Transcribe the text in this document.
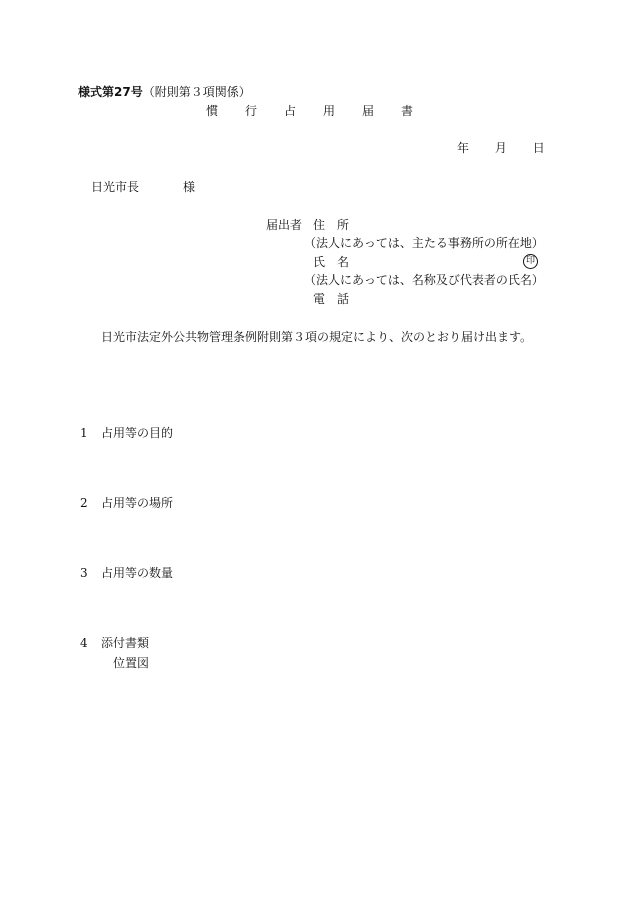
様式第27号（附則第３項関係）
慣行占用届書
年 月 日
日光市長	様
届出者 住　所
（法人にあっては、主たる事務所の所在地）
氏　名	印
（法人にあっては、名称及び代表者の氏名）
電　話
日光市法定外公共物管理条例附則第３項の規定により、次のとおり届け出ます。
1 占用等の目的
2 占用等の場所
3 占用等の数量
4 添付書類
位置図
